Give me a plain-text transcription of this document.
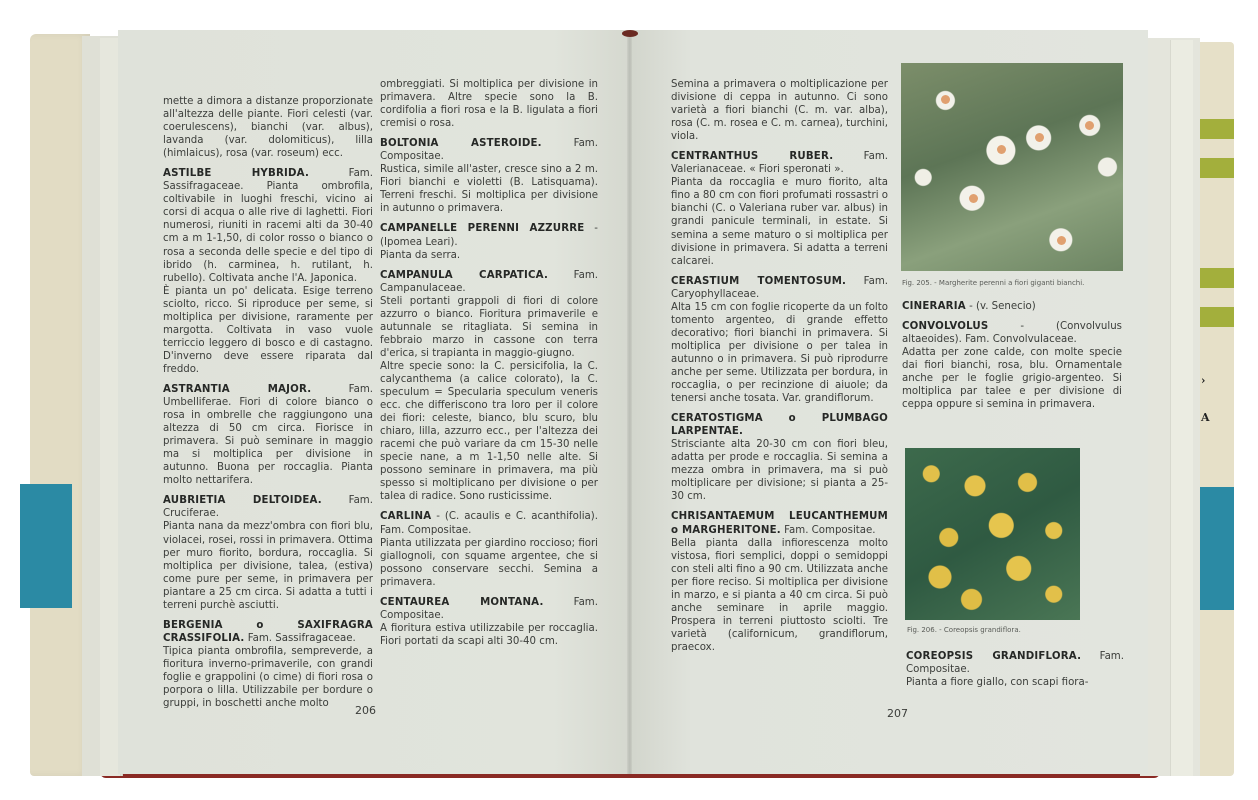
›
A

mette a dimora a distanze proporzionate all'altezza delle piante. Fiori celesti (var. coerulescens), bianchi (var. albus), lavanda (var. dolomiticus), lilla (himlaicus), rosa (var. roseum) ecc.

ASTILBE HYBRIDA.	Fam. Sassifragaceae. Pianta ombrofila, coltivabile in luoghi freschi, vicino ai corsi di acqua o alle rive di laghetti. Fiori numerosi, riuniti in racemi alti da 30-40 cm a m 1-1,50, di color rosso o bianco o rosa a seconda delle specie e del tipo di ibrido (h. carminea, h. rutilant, h. rubello). Coltivata anche l'A. Japonica.
È pianta un po' delicata. Esige terreno sciolto, ricco. Si riproduce per seme, si moltiplica per divisione, raramente per margotta. Coltivata in vaso vuole terriccio leggero di bosco e di castagno. D'inverno deve essere riparata dal freddo.

ASTRANTIA MAJOR.	Fam. Umbelliferae. Fiori di colore bianco o rosa in ombrelle che raggiungono una altezza di 50 cm circa. Fiorisce in primavera. Si può seminare in maggio ma si moltiplica per divisione in autunno. Buona per roccaglia. Pianta molto nettarifera.

AUBRIETIA DELTOIDEA.	Fam. Cruciferae.
Pianta nana da mezz'ombra con fiori blu, violacei, rosei, rossi in primavera. Ottima per muro fiorito, bordura, roccaglia. Si moltiplica per divisione, talea, (estiva) come pure per seme, in primavera per piantare a 25 cm circa. Si adatta a tutti i terreni purchè asciutti.

BERGENIA o SAXIFRAGRA CRASSIFOLIA. Fam. Sassifragaceae.
Tipica pianta ombrofila, sempreverde, a fioritura inverno-primaverile, con grandi foglie e grappolini (o cime) di fiori rosa o porpora o lilla. Utilizzabile per bordure o gruppi, in boschetti anche molto

ombreggiati. Si moltiplica per divisione in primavera. Altre specie sono la B. cordifolia a fiori rosa e la B. ligulata a fiori cremisi o rosa.

BOLTONIA ASTEROIDE.	Fam. Compositae.
Rustica, simile all'aster, cresce sino a 2 m. Fiori bianchi e violetti (B. Latisquama). Terreni freschi. Si moltiplica per divisione in autunno o primavera.

CAMPANELLE PERENNI AZZURRE - (Ipomea Leari).
Pianta da serra.

CAMPANULA CARPATICA.	Fam. Campanulaceae.
Steli portanti grappoli di fiori di colore azzurro o bianco. Fioritura primaverile e autunnale se ritagliata. Si semina in febbraio marzo in cassone con terra d'erica, si trapianta in maggio-giugno.
Altre specie sono: la C. persicifolia, la C. calycanthema (a calice colorato), la C. speculum = Specularia speculum veneris ecc. che differiscono tra loro per il colore dei fiori: celeste, bianco, blu scuro, blu chiaro, lilla, azzurro ecc., per l'altezza dei racemi che può variare da cm 15-30 nelle specie nane, a m 1-1,50 nelle alte. Si possono seminare in primavera, ma più spesso si moltiplicano per divisione o per talea di radice. Sono rusticissime.

CARLINA - (C. acaulis e C. acanthifolia). Fam. Compositae.
Pianta utilizzata per giardino roccioso; fiori giallognoli, con squame argentee, che si possono conservare secchi. Semina a primavera.

CENTAUREA MONTANA.	Fam. Compositae.
A fioritura estiva utilizzabile per roccaglia. Fiori portati da scapi alti 30-40 cm.

206

Semina a primavera o moltiplicazione per divisione di ceppa in autunno. Ci sono varietà a fiori bianchi (C. m. var. alba), rosa (C. m. rosea e C. m. carnea), turchini, viola.

CENTRANTHUS RUBER.	Fam. Valerianaceae. « Fiori speronati ».
Pianta da roccaglia e muro fiorito, alta fino a 80 cm con fiori profumati rossastri o bianchi (C. o Valeriana ruber var. albus) in grandi panicule terminali, in estate. Si semina a seme maturo o si moltiplica per divisione in primavera. Si adatta a terreni calcarei.

CERASTIUM TOMENTOSUM. Fam. Caryophyllaceae.
Alta 15 cm con foglie ricoperte da un folto tomento argenteo, di grande effetto decorativo; fiori bianchi in primavera. Si moltiplica per divisione o per talea in autunno o in primavera. Si può riprodurre anche per seme. Utilizzata per bordura, in roccaglia, o per recinzione di aiuole; da tenersi anche tosata. Var. grandiflorum.

CERATOSTIGMA o PLUMBAGO LARPENTAE.
Strisciante alta 20-30 cm con fiori bleu, adatta per prode e roccaglia. Si semina a mezza ombra in primavera, ma si può moltiplicare per divisione; si pianta a 25-30 cm.

CHRISANTAEMUM LEUCANTHEMUM o MARGHERITONE. Fam. Compositae.
Bella pianta dalla infiorescenza molto vistosa, fiori semplici, doppi o semidoppi con steli alti fino a 90 cm. Utilizzata anche per fiore reciso. Si moltiplica per divisione in marzo, e si pianta a 40 cm circa. Si può anche seminare in aprile maggio. Prospera in terreni piuttosto sciolti. Tre varietà (californicum, grandiflorum, praecox.

Fig. 205. - Margherite perenni a fiori giganti bianchi.

CINERARIA - (v. Senecio)

CONVOLVOLUS	- (Convolvulus altaeoides). Fam. Convolvulaceae.
Adatta per zone calde, con molte specie dai fiori bianchi, rosa, blu. Ornamentale anche per le foglie grigio-argenteo. Si moltiplica par talee e per divisione di ceppa oppure si semina in primavera.

Fig. 206. - Coreopsis grandiflora.

COREOPSIS GRANDIFLORA. Fam. Compositae.
Pianta a fiore giallo, con scapi fiora-

207
